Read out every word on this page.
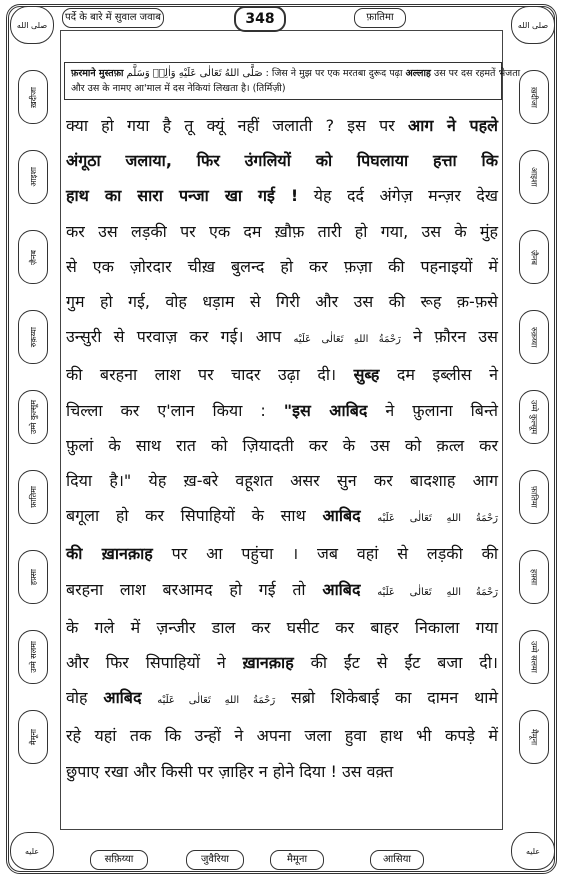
صلى الله	صلى الله
पर्दे के बारे में सुवाल जवाब	348	फ़ातिमा
ख़दीजा
आइशा
ज़ैनब
रुक़य्या
उम्मे कुल्सूम
फ़ातिमा
हफ़्सा
उम्मे सलमा
मैमूना
ख़दीजा
आइशा
ज़ैनब
रुक़य्या
उम्मे कुल्सूम
फ़ातिमा
हफ़्सा
उम्मे सलमा
मैमूना
عليه	عليه
सफ़िय्या	जुवैरिया	मैमूना	आसिया
फ़रमाने मुस्तफ़ा صَلَّى اللهُ تَعَالٰى عَلَيْهِ وَاٰلِهٖ وَسَلَّم : जिस ने मुझ पर एक मरतबा दुरूद पढ़ा अल्लाह उस पर दस रहमतें भेजता
और उस के नामए आ'माल में दस नेकियां लिखता है। (तिर्मिज़ी)
क्या हो गया है तू क्यूं नहीं जलाती ? इस पर आग ने पहले
अंगूठा जलाया, फिर उंगलियों को पिघलाया हत्ता कि
हाथ का सारा पन्जा खा गई ! येह दर्द अंगेज़ मन्ज़र देख
कर उस लड़की पर एक दम ख़ौफ़ तारी हो गया, उस के मुंह
से एक ज़ोरदार चीख़ बुलन्द हो कर फ़ज़ा की पहनाइयों में
गुम हो गई, वोह धड़ाम से गिरी और उस की रूह क़-फ़से
उन्सुरी से परवाज़ कर गई। आप رَحْمَةُ اللهِ تَعَالٰى عَلَيْه ने फ़ौरन उस
की बरहना लाश पर चादर उढ़ा दी। सुब्ह दम इब्लीस ने
चिल्ला कर ए'लान किया : "इस आबिद ने फ़ुलाना बिन्ते
फ़ुलां के साथ रात को ज़ियादती कर के उस को क़त्ल कर
दिया है।" येह ख़-बरे वहूशत असर सुन कर बादशाह आग
बगूला हो कर सिपाहियों के साथ आबिद رَحْمَةُ اللهِ تَعَالٰى عَلَيْه
की ख़ानक़ाह पर आ पहुंचा । जब वहां से लड़की की
बरहना लाश बरआमद हो गई तो आबिद رَحْمَةُ اللهِ تَعَالٰى عَلَيْه
के गले में ज़न्जीर डाल कर घसीट कर बाहर निकाला गया
और फिर सिपाहियों ने ख़ानक़ाह की ईंट से ईंट बजा दी।
वोह आबिद رَحْمَةُ اللهِ تَعَالٰى عَلَيْه सब्रो शिकेबाई का दामन थामे
रहे यहां तक कि उन्हों ने अपना जला हुवा हाथ भी कपड़े में
छुपाए रखा और किसी पर ज़ाहिर न होने दिया ! उस वक़्त
